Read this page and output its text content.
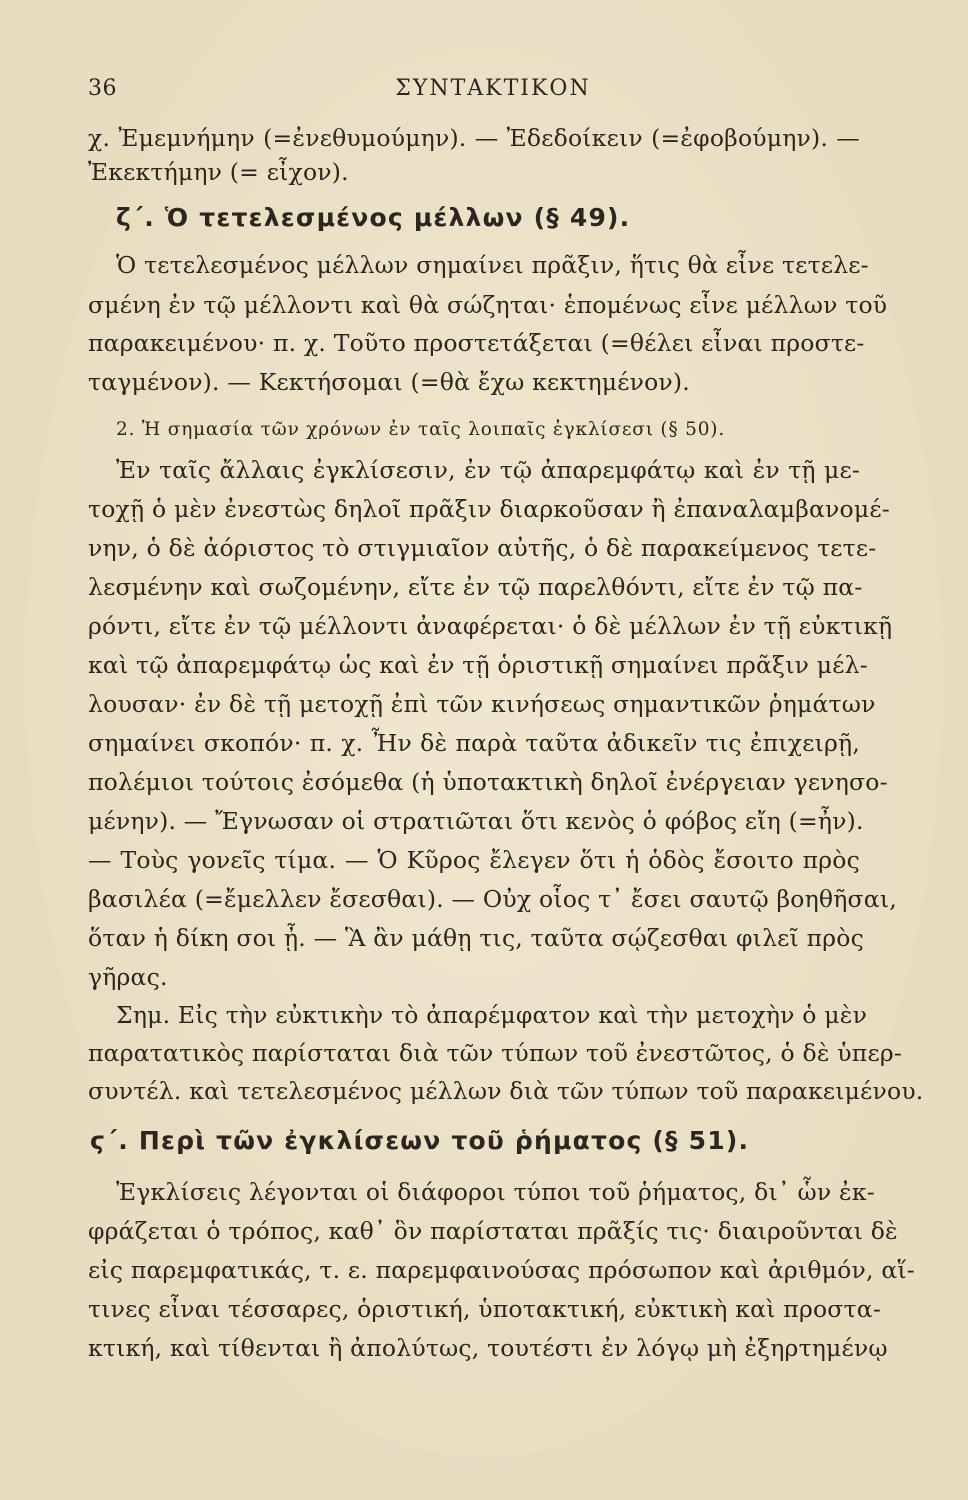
36	ΣΥΝΤΑΚΤΙΚΟΝ
χ. Ἐμεμνήμην (=ἐνεθυμούμην). — Ἐδεδοίκειν (=ἐφοβούμην). —
Ἐκεκτήμην (= εἶχον).
ζ΄. Ὁ τετελεσμένος μέλλων (§ 49).
Ὁ τετελεσμένος μέλλων σημαίνει πρᾶξιν, ἥτις θὰ εἶνε τετελε-
σμένη ἐν τῷ μέλλοντι καὶ θὰ σώζηται· ἑπομένως εἶνε μέλλων τοῦ
παρακειμένου· π. χ. Τοῦτο προστετάξεται (=θέλει εἶναι προστε-
ταγμένον). — Κεκτήσομαι (=θὰ ἔχω κεκτημένον).
2. Ἡ σημασία τῶν χρόνων ἐν ταῖς λοιπαῖς ἐγκλίσεσι (§ 50).
Ἐν ταῖς ἄλλαις ἐγκλίσεσιν, ἐν τῷ ἀπαρεμφάτῳ καὶ ἐν τῇ με-
τοχῇ ὁ μὲν ἐνεστὼς δηλοῖ πρᾶξιν διαρκοῦσαν ἢ ἐπαναλαμβανομέ-
νην, ὁ δὲ ἀόριστος τὸ στιγμιαῖον αὐτῆς, ὁ δὲ παρακείμενος τετε-
λεσμένην καὶ σωζομένην, εἴτε ἐν τῷ παρελθόντι, εἴτε ἐν τῷ πα-
ρόντι, εἴτε ἐν τῷ μέλλοντι ἀναφέρεται· ὁ δὲ μέλλων ἐν τῇ εὐκτικῇ
καὶ τῷ ἀπαρεμφάτῳ ὡς καὶ ἐν τῇ ὁριστικῇ σημαίνει πρᾶξιν μέλ-
λουσαν· ἐν δὲ τῇ μετοχῇ ἐπὶ τῶν κινήσεως σημαντικῶν ῥημάτων
σημαίνει σκοπόν· π. χ. Ἦν δὲ παρὰ ταῦτα ἀδικεῖν τις ἐπιχειρῇ,
πολέμιοι τούτοις ἐσόμεθα (ἡ ὑποτακτικὴ δηλοῖ ἐνέργειαν γενησο-
μένην). — Ἔγνωσαν οἱ στρατιῶται ὅτι κενὸς ὁ φόβος εἴη (=ἦν).
— Τοὺς γονεῖς τίμα. — Ὁ Κῦρος ἔλεγεν ὅτι ἡ ὁδὸς ἔσοιτο πρὸς
βασιλέα (=ἔμελλεν ἔσεσθαι). — Οὐχ οἷος τ᾽ ἔσει σαυτῷ βοηθῆσαι,
ὅταν ἡ δίκη σοι ᾖ. — Ἃ ἂν μάθῃ τις, ταῦτα σῴζεσθαι φιλεῖ πρὸς
γῆρας.
Σημ. Εἰς τὴν εὐκτικὴν τὸ ἀπαρέμφατον καὶ τὴν μετοχὴν ὁ μὲν
παρατατικὸς παρίσταται διὰ τῶν τύπων τοῦ ἐνεστῶτος, ὁ δὲ ὑπερ-
συντέλ. καὶ τετελεσμένος μέλλων διὰ τῶν τύπων τοῦ παρακειμένου.
ϛ΄. Περὶ τῶν ἐγκλίσεων τοῦ ῥήματος (§ 51).
Ἐγκλίσεις λέγονται οἱ διάφοροι τύποι τοῦ ῥήματος, δι᾽ ὧν ἐκ-
φράζεται ὁ τρόπος, καθ᾽ ὃν παρίσταται πρᾶξίς τις· διαιροῦνται δὲ
εἰς παρεμφατικάς, τ. ε. παρεμφαινούσας πρόσωπον καὶ ἀριθμόν, αἵ-
τινες εἶναι τέσσαρες, ὁριστική, ὑποτακτική, εὐκτικὴ καὶ προστα-
κτική, καὶ τίθενται ἢ ἀπολύτως, τουτέστι ἐν λόγῳ μὴ ἐξηρτημένῳ
